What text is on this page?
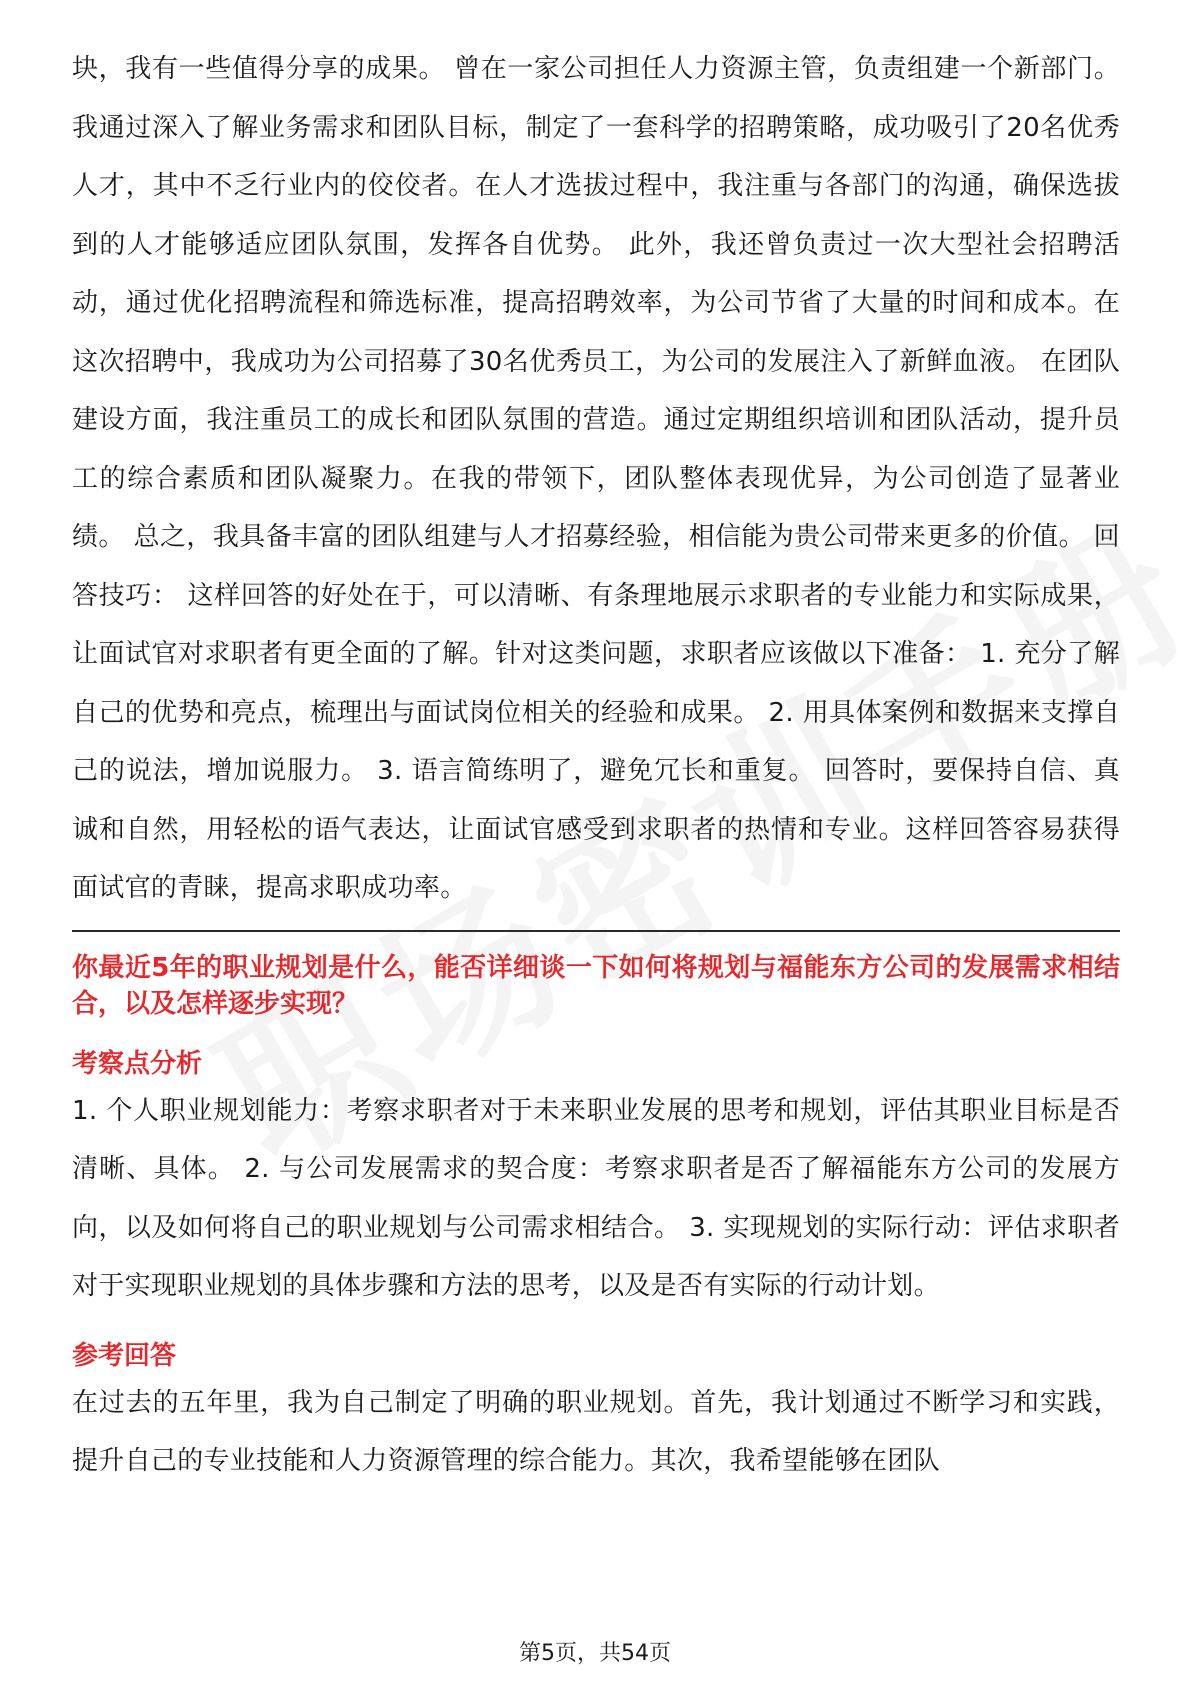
块，我有一些值得分享的成果。 曾在一家公司担任人力资源主管，负责组建一个新部门。我通过深入了解业务需求和团队目标，制定了一套科学的招聘策略，成功吸引了20名优秀人才，其中不乏行业内的佼佼者。在人才选拔过程中，我注重与各部门的沟通，确保选拔到的人才能够适应团队氛围，发挥各自优势。 此外，我还曾负责过一次大型社会招聘活动，通过优化招聘流程和筛选标准，提高招聘效率，为公司节省了大量的时间和成本。在这次招聘中，我成功为公司招募了30名优秀员工，为公司的发展注入了新鲜血液。 在团队建设方面，我注重员工的成长和团队氛围的营造。通过定期组织培训和团队活动，提升员工的综合素质和团队凝聚力。在我的带领下，团队整体表现优异，为公司创造了显著业绩。 总之，我具备丰富的团队组建与人才招募经验，相信能为贵公司带来更多的价值。 回答技巧： 这样回答的好处在于，可以清晰、有条理地展示求职者的专业能力和实际成果，让面试官对求职者有更全面的了解。针对这类问题，求职者应该做以下准备： 1. 充分了解自己的优势和亮点，梳理出与面试岗位相关的经验和成果。 2. 用具体案例和数据来支撑自己的说法，增加说服力。 3. 语言简练明了，避免冗长和重复。 回答时，要保持自信、真诚和自然，用轻松的语气表达，让面试官感受到求职者的热情和专业。这样回答容易获得面试官的青睐，提高求职成功率。

你最近5年的职业规划是什么，能否详细谈一下如何将规划与福能东方公司的发展需求相结合，以及怎样逐步实现？

考察点分析

1. 个人职业规划能力：考察求职者对于未来职业发展的思考和规划，评估其职业目标是否清晰、具体。 2. 与公司发展需求的契合度：考察求职者是否了解福能东方公司的发展方向，以及如何将自己的职业规划与公司需求相结合。 3. 实现规划的实际行动：评估求职者对于实现职业规划的具体步骤和方法的思考，以及是否有实际的行动计划。

参考回答

在过去的五年里，我为自己制定了明确的职业规划。首先，我计划通过不断学习和实践，提升自己的专业技能和人力资源管理的综合能力。其次，我希望能够在团队

第5页，共54页
